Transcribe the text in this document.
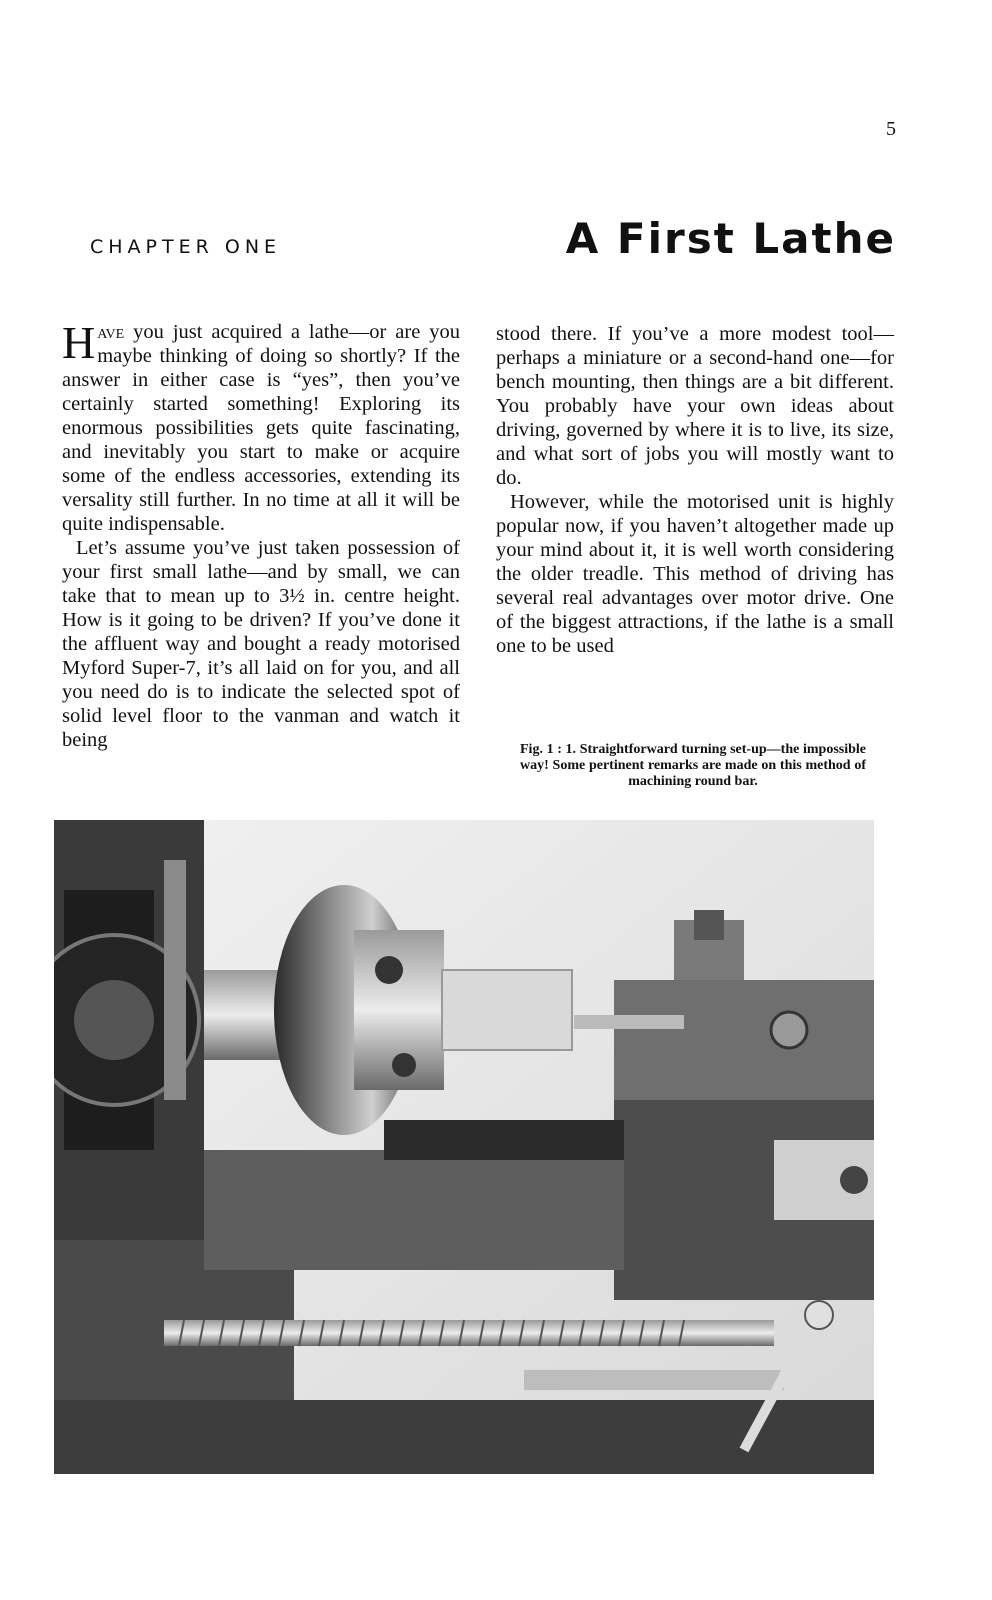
5
CHAPTER ONE	A First Lathe

Have you just acquired a lathe—or are you maybe thinking of doing so shortly? If the answer in either case is “yes”, then you’ve certainly started something! Exploring its enormous possibilities gets quite fascinating, and inevitably you start to make or acquire some of the endless accessories, extending its versality still further. In no time at all it will be quite indispensable.

Let’s assume you’ve just taken possession of your first small lathe—and by small, we can take that to mean up to 3½ in. centre height. How is it going to be driven? If you’ve done it the affluent way and bought a ready motorised Myford Super-7, it’s all laid on for you, and all you need do is to indicate the selected spot of solid level floor to the vanman and watch it being

stood there. If you’ve a more modest tool—perhaps a miniature or a second-hand one—for bench mounting, then things are a bit different. You probably have your own ideas about driving, governed by where it is to live, its size, and what sort of jobs you will mostly want to do.

However, while the motorised unit is highly popular now, if you haven’t altogether made up your mind about it, it is well worth considering the older treadle. This method of driving has several real advantages over motor drive. One of the biggest attractions, if the lathe is a small one to be used

Fig. 1 : 1. Straightforward turning set-up—the impossible way! Some pertinent remarks are made on this method of machining round bar.
